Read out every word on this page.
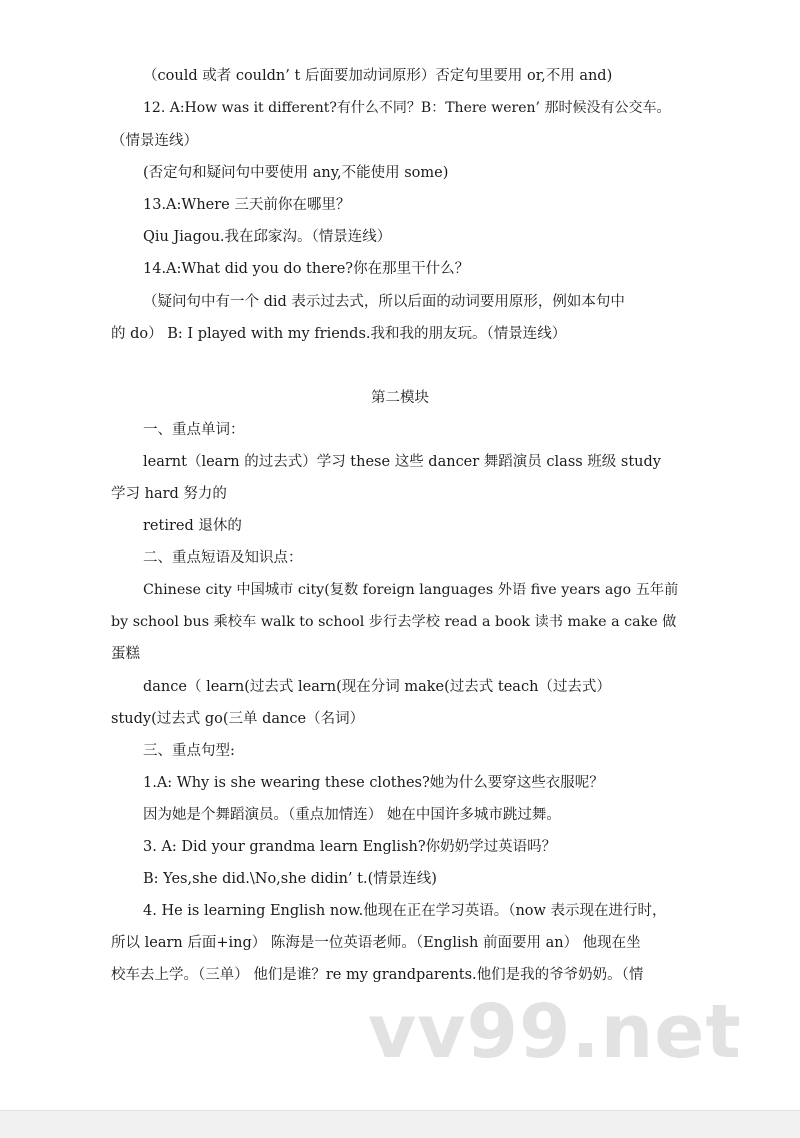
（could 或者 couldn’ t 后面要加动词原形）否定句里要用 or,不用 and)
12. A:How was it different?有什么不同？B：There weren’ 那时候没有公交车。
（情景连线）
(否定句和疑问句中要使用 any,不能使用 some)
13.A:Where 三天前你在哪里？
Qiu Jiagou.我在邱家沟。（情景连线）
14.A:What did you do there?你在那里干什么？
（疑问句中有一个 did 表示过去式，所以后面的动词要用原形，例如本句中
的 do） B: I played with my friends.我和我的朋友玩。（情景连线）
第二模块
一、重点单词：
learnt（learn 的过去式）学习 these 这些 dancer 舞蹈演员 class 班级 study
学习 hard 努力的
retired 退休的
二、重点短语及知识点：
Chinese city 中国城市 city(复数 foreign languages 外语 five years ago 五年前
by school bus 乘校车 walk to school 步行去学校 read a book 读书 make a cake 做
蛋糕
dance（ learn(过去式 learn(现在分词 make(过去式 teach（过去式）
study(过去式 go(三单 dance（名词）
三、重点句型:
1.A: Why is she wearing these clothes?她为什么要穿这些衣服呢？
因为她是个舞蹈演员。（重点加情连） 她在中国许多城市跳过舞。
3. A: Did your grandma learn English?你奶奶学过英语吗？
B: Yes,she did.\No,she didin’ t.(情景连线)
4. He is learning English now.他现在正在学习英语。（now 表示现在进行时，
所以 learn 后面+ing） 陈海是一位英语老师。（English 前面要用 an） 他现在坐
校车去上学。（三单） 他们是谁？re my grandparents.他们是我的爷爷奶奶。（情
vv99.net
